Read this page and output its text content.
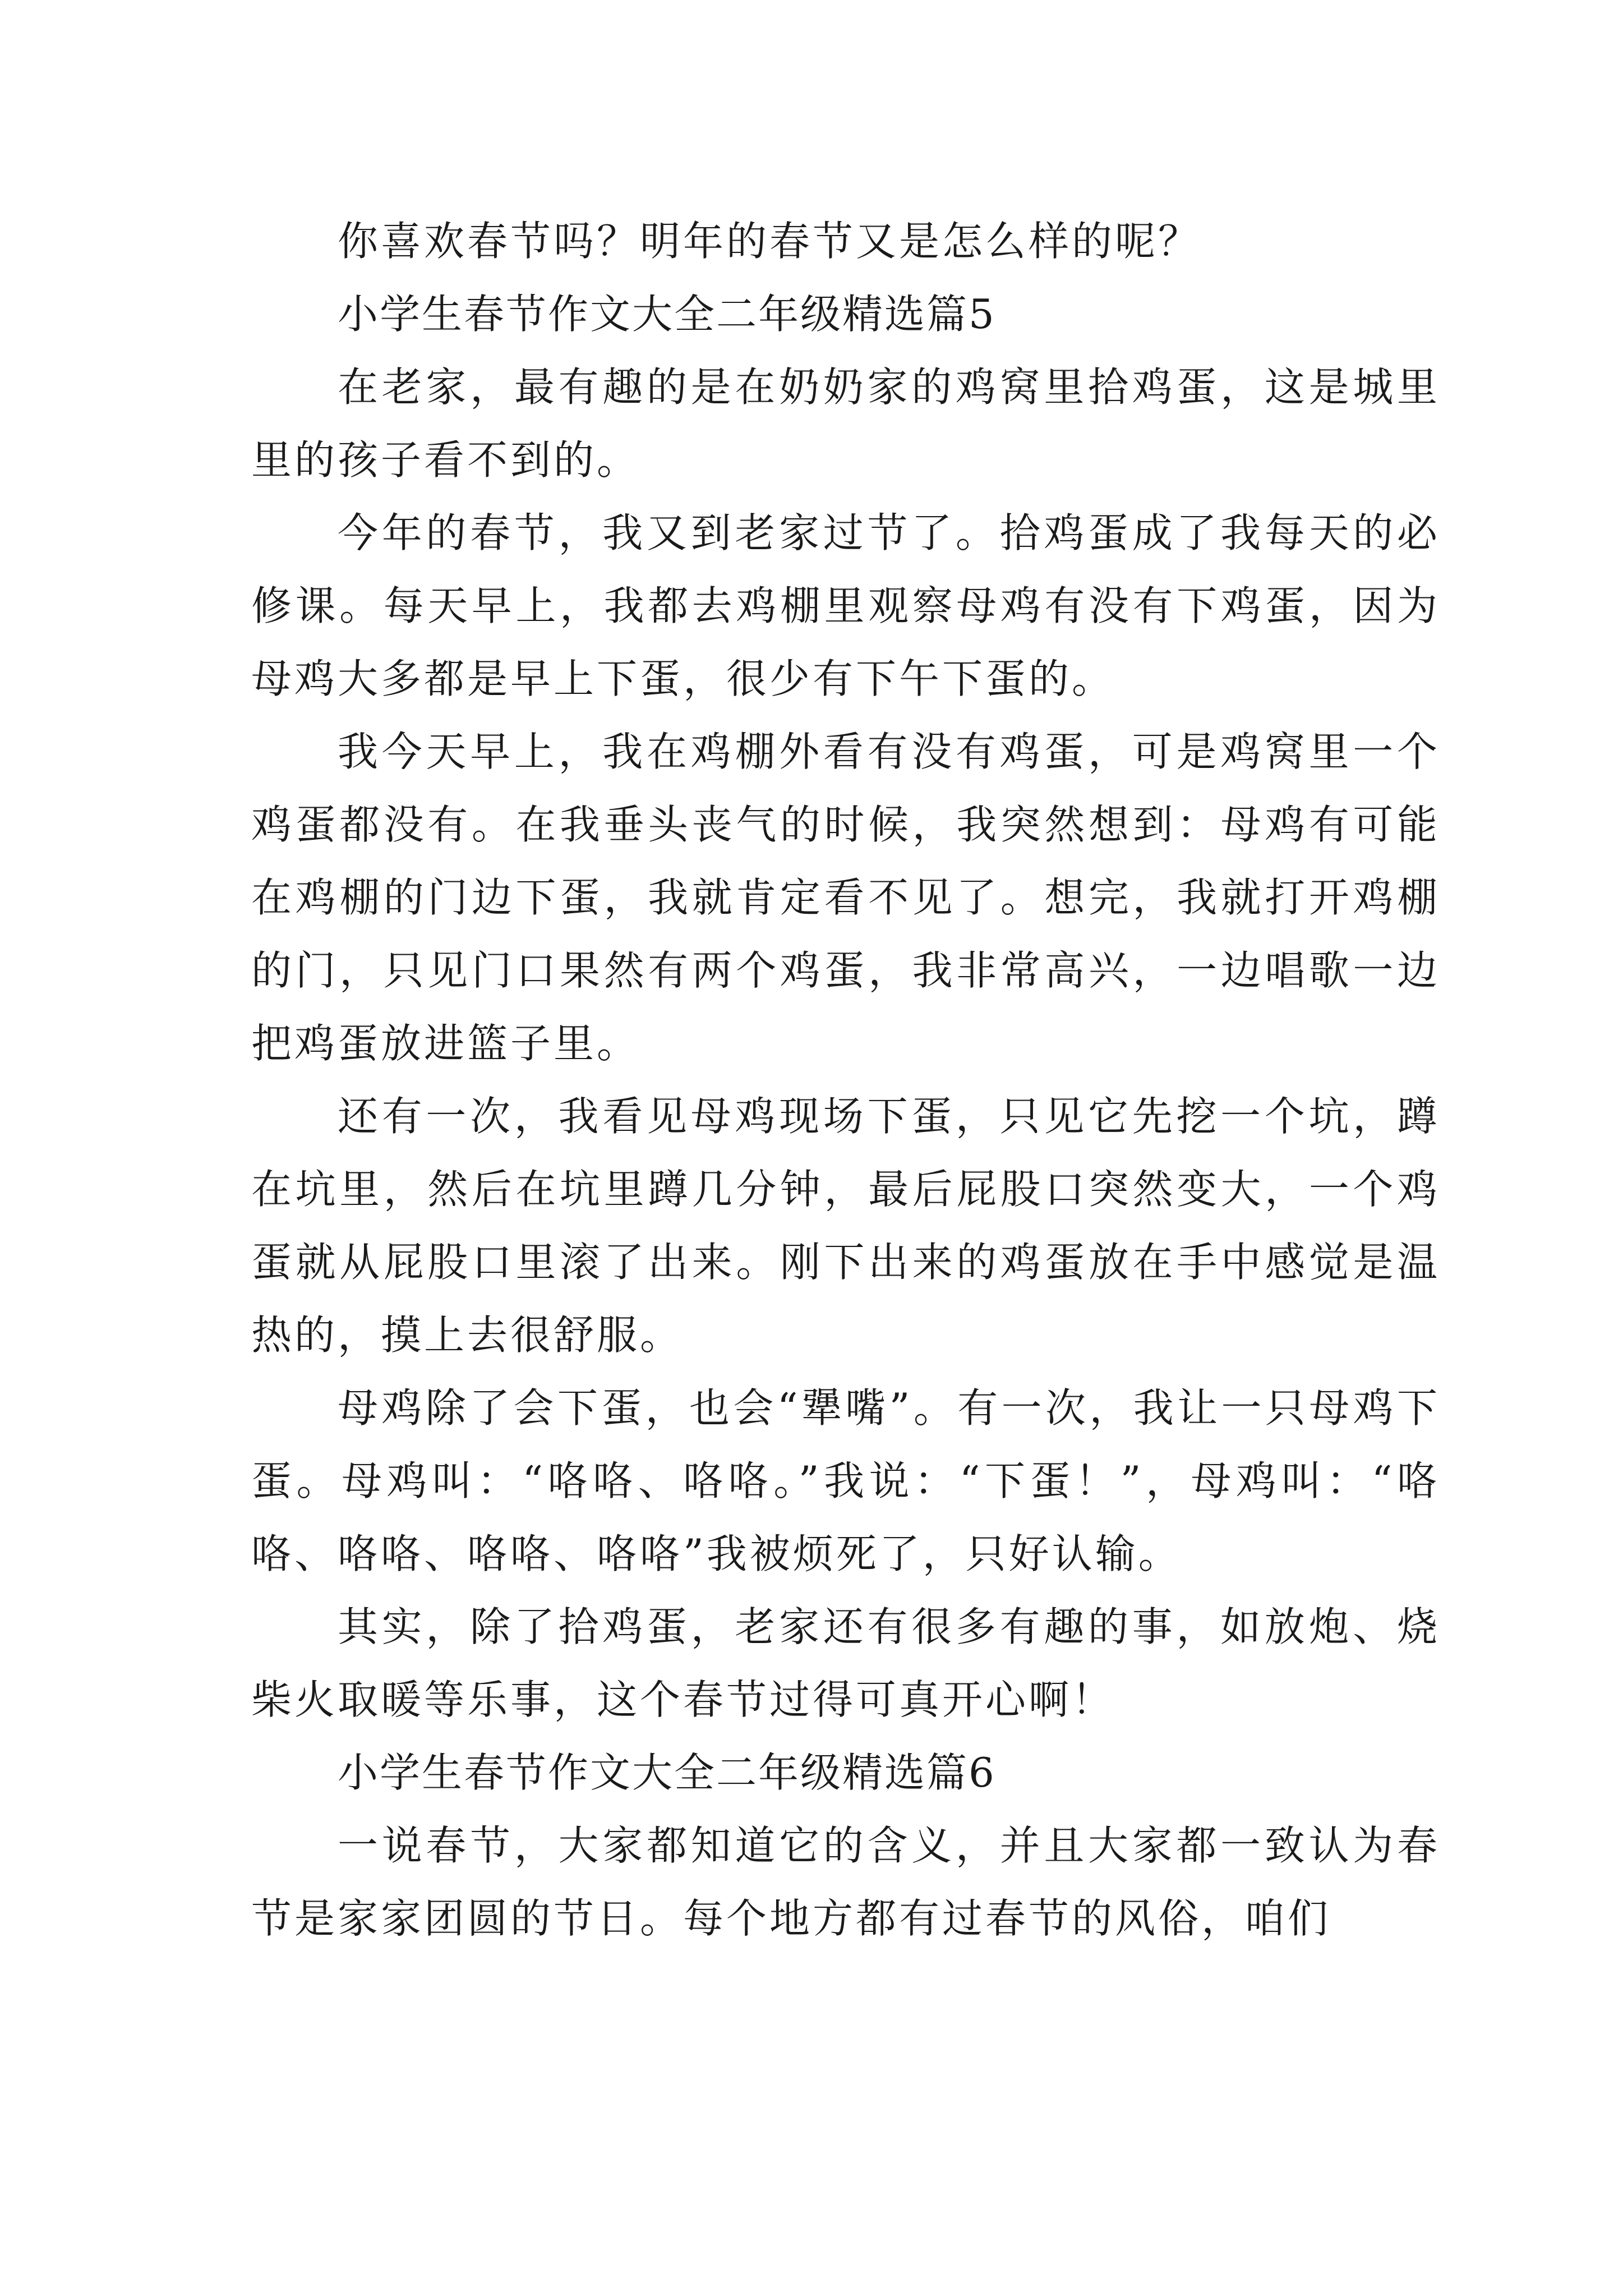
你喜欢春节吗？明年的春节又是怎么样的呢？

小学生春节作文大全二年级精选篇5

在老家，最有趣的是在奶奶家的鸡窝里拾鸡蛋，这是城里里的孩子看不到的。

今年的春节，我又到老家过节了。拾鸡蛋成了我每天的必修课。每天早上，我都去鸡棚里观察母鸡有没有下鸡蛋，因为母鸡大多都是早上下蛋，很少有下午下蛋的。

我今天早上，我在鸡棚外看有没有鸡蛋，可是鸡窝里一个鸡蛋都没有。在我垂头丧气的时候，我突然想到：母鸡有可能在鸡棚的门边下蛋，我就肯定看不见了。想完，我就打开鸡棚的门，只见门口果然有两个鸡蛋，我非常高兴，一边唱歌一边把鸡蛋放进篮子里。

还有一次，我看见母鸡现场下蛋，只见它先挖一个坑，蹲在坑里，然后在坑里蹲几分钟，最后屁股口突然变大，一个鸡蛋就从屁股口里滚了出来。刚下出来的鸡蛋放在手中感觉是温热的，摸上去很舒服。

母鸡除了会下蛋，也会“犟嘴”。有一次，我让一只母鸡下蛋。母鸡叫：“咯咯、咯咯。”我说：“下蛋！”，母鸡叫：“咯咯、咯咯、咯咯、咯咯”我被烦死了，只好认输。

其实，除了拾鸡蛋，老家还有很多有趣的事，如放炮、烧柴火取暖等乐事，这个春节过得可真开心啊！

小学生春节作文大全二年级精选篇6

一说春节，大家都知道它的含义，并且大家都一致认为春节是家家团圆的节日。每个地方都有过春节的风俗，咱们
